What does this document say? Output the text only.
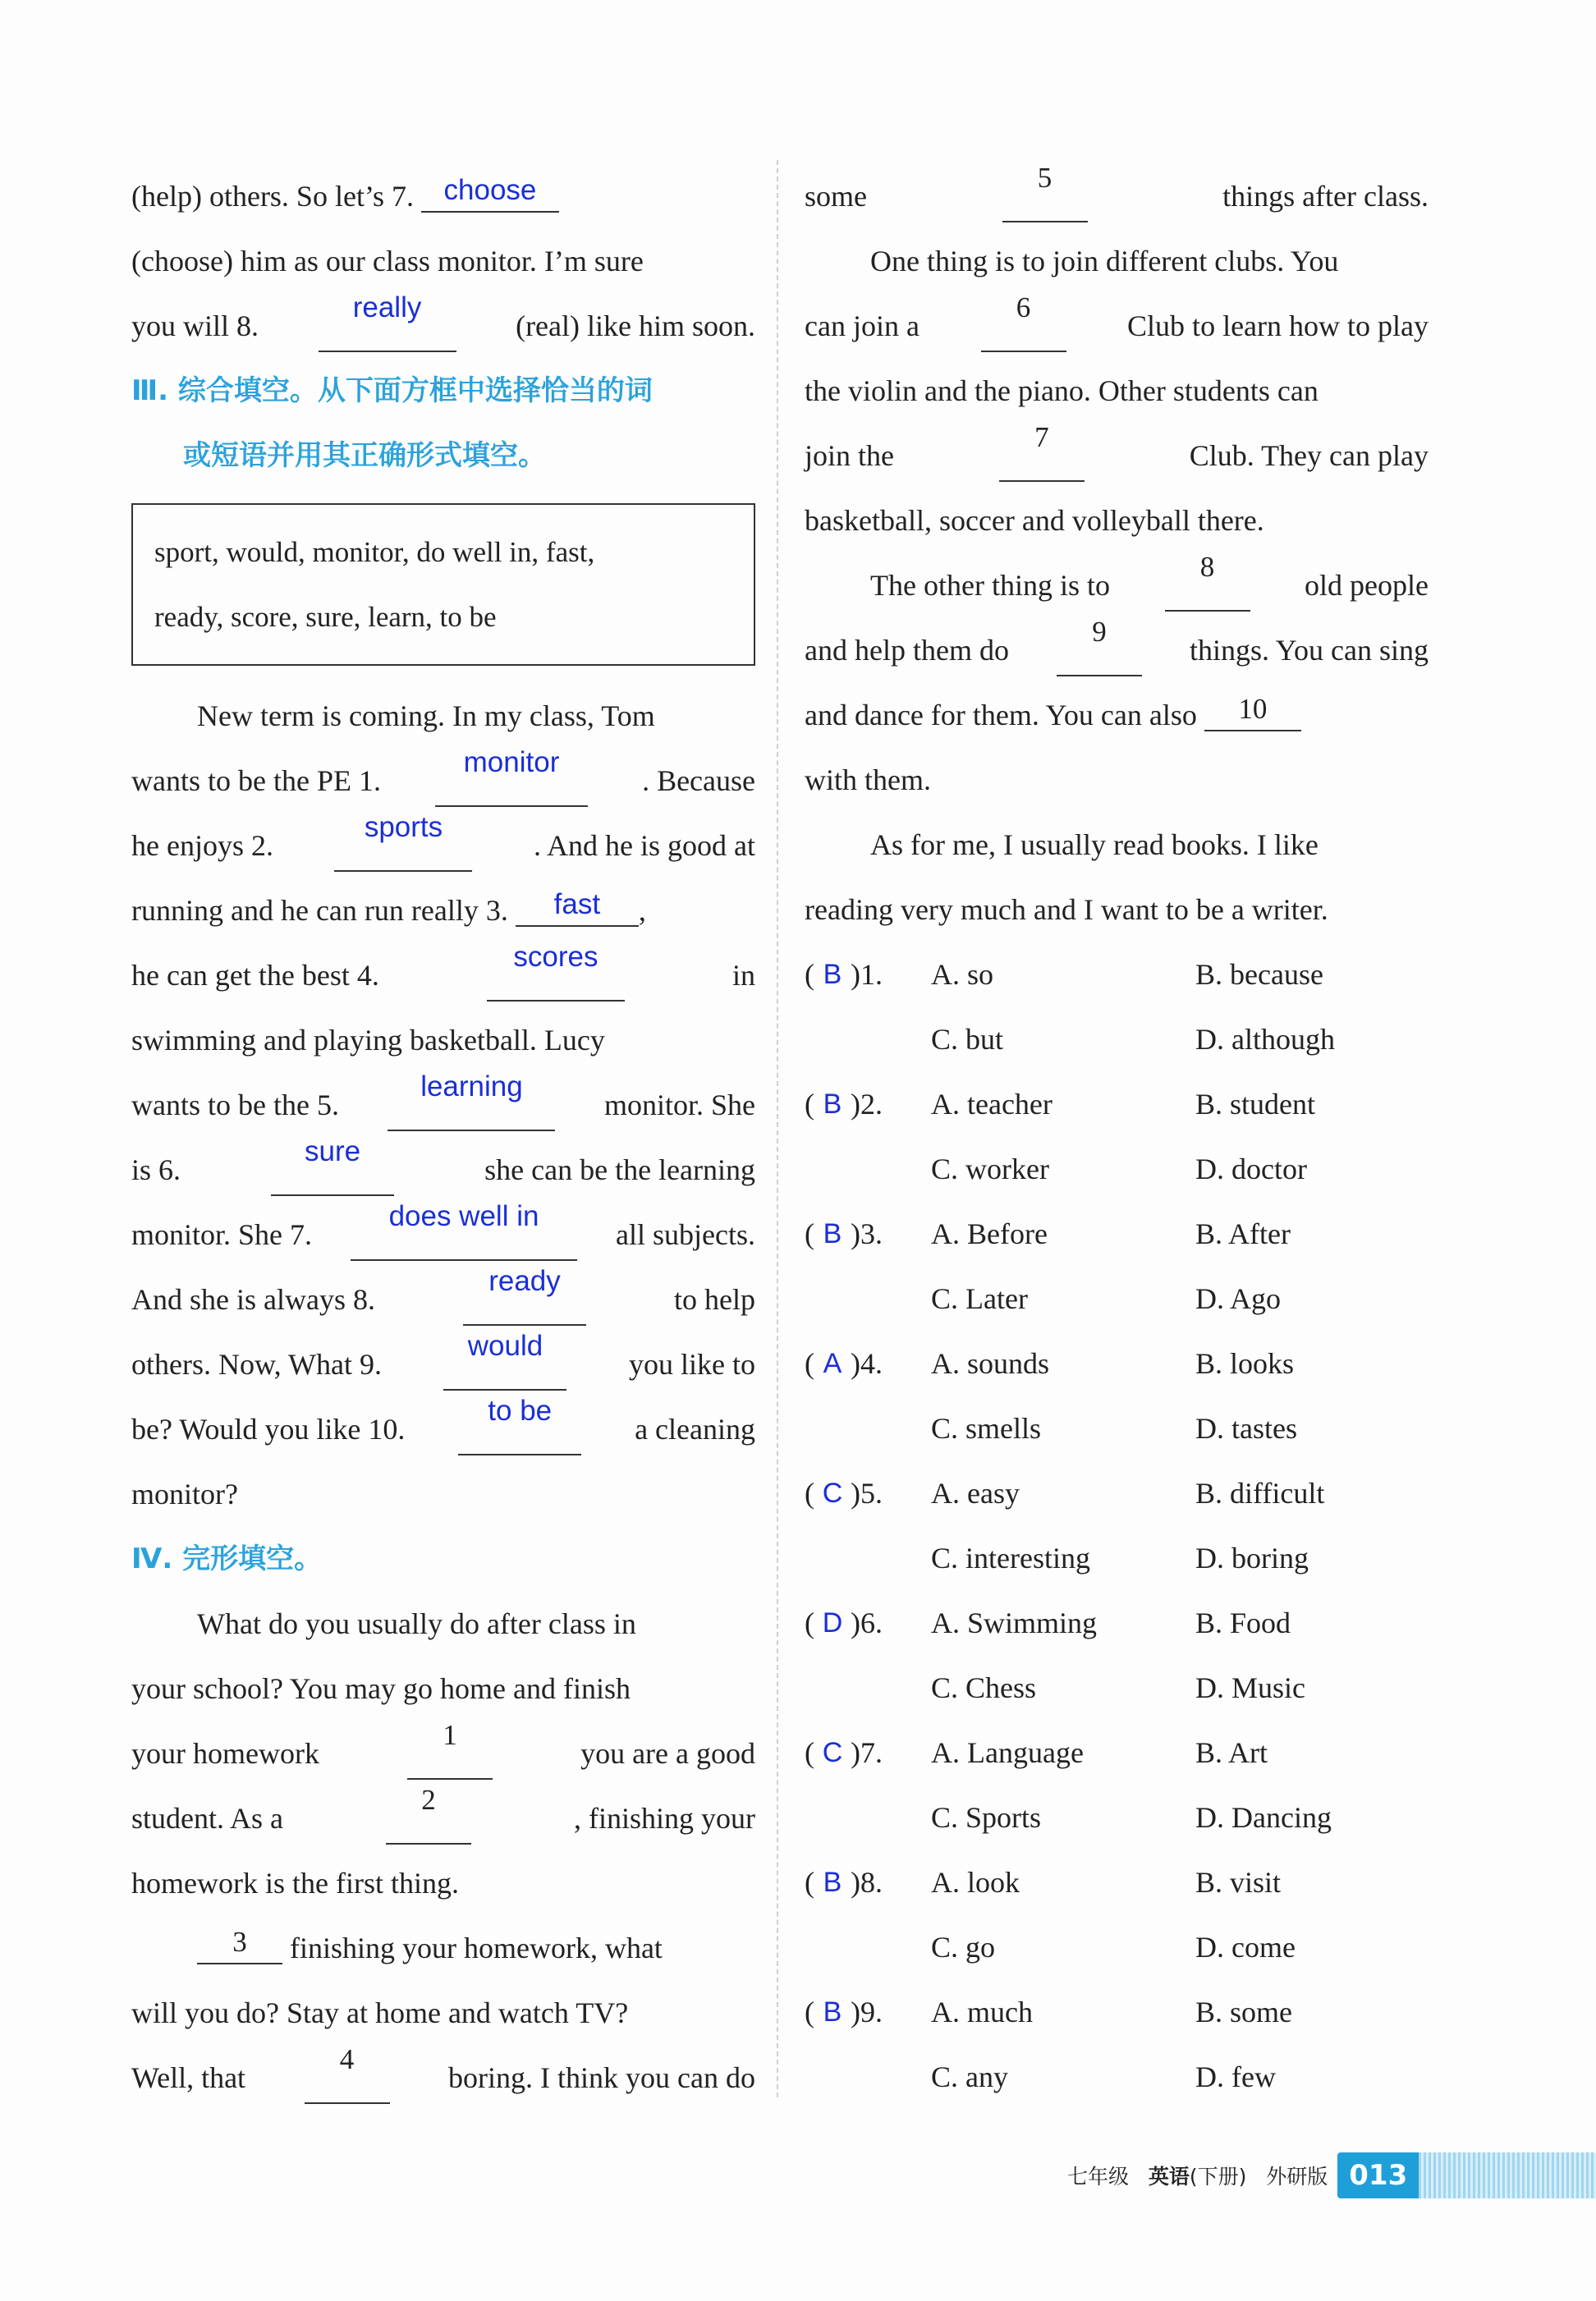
(help) others. So let’s 7. choose
(choose) him as our class monitor. I’m sure
you will 8.
really
(real) like him soon.
Ⅲ. 综合填空。从下面方框中选择恰当的词
或短语并用其正确形式填空。
sport, would, monitor, do well in, fast,
ready, score, sure, learn, to be
New term is coming. In my class, Tom
wants to be the PE 1.
monitor
. Because
he enjoys 2.
sports
. And he is good at
running and he can run really 3. fast ,
he can get the best 4.
scores
in
swimming and playing basketball. Lucy
wants to be the 5.
learning
monitor. She
is 6.
sure
she can be the learning
monitor. She 7.
does well in
all subjects.
And she is always 8.
ready
to help
others. Now, What 9.
would
you like to
be? Would you like 10.
to be
a cleaning
monitor?
Ⅳ. 完形填空。
What do you usually do after class in
your school? You may go home and finish
your homework
1
you are a good
student. As a
2
, finishing your
homework is the first thing.
3 finishing your homework, what
will you do? Stay at home and watch TV?
Well, that
4
boring. I think you can do
some
5
things after class.
One thing is to join different clubs. You
can join a
6
Club to learn how to play
the violin and the piano. Other students can
join the
7
Club. They can play
basketball, soccer and volleyball there.
The other thing is to
8
old people
and help them do
9
things. You can sing
and dance for them. You can also 10
with them.
As for me, I usually read books. I like
reading very much and I want to be a writer.
( B )1. A. so	B. because
C. but	D. although
( B )2. A. teacher	B. student
C. worker	D. doctor
( B )3. A. Before	B. After
C. Later	D. Ago
( A )4. A. sounds	B. looks
C. smells	D. tastes
( C )5. A. easy	B. difficult
C. interesting	D. boring
( D )6. A. Swimming	B. Food
C. Chess	D. Music
( C )7. A. Language	B. Art
C. Sports	D. Dancing
( B )8. A. look	B. visit
C. go	D. come
( B )9. A. much	B. some
C. any	D. few
七年级 英语(下册) 外研版 013
